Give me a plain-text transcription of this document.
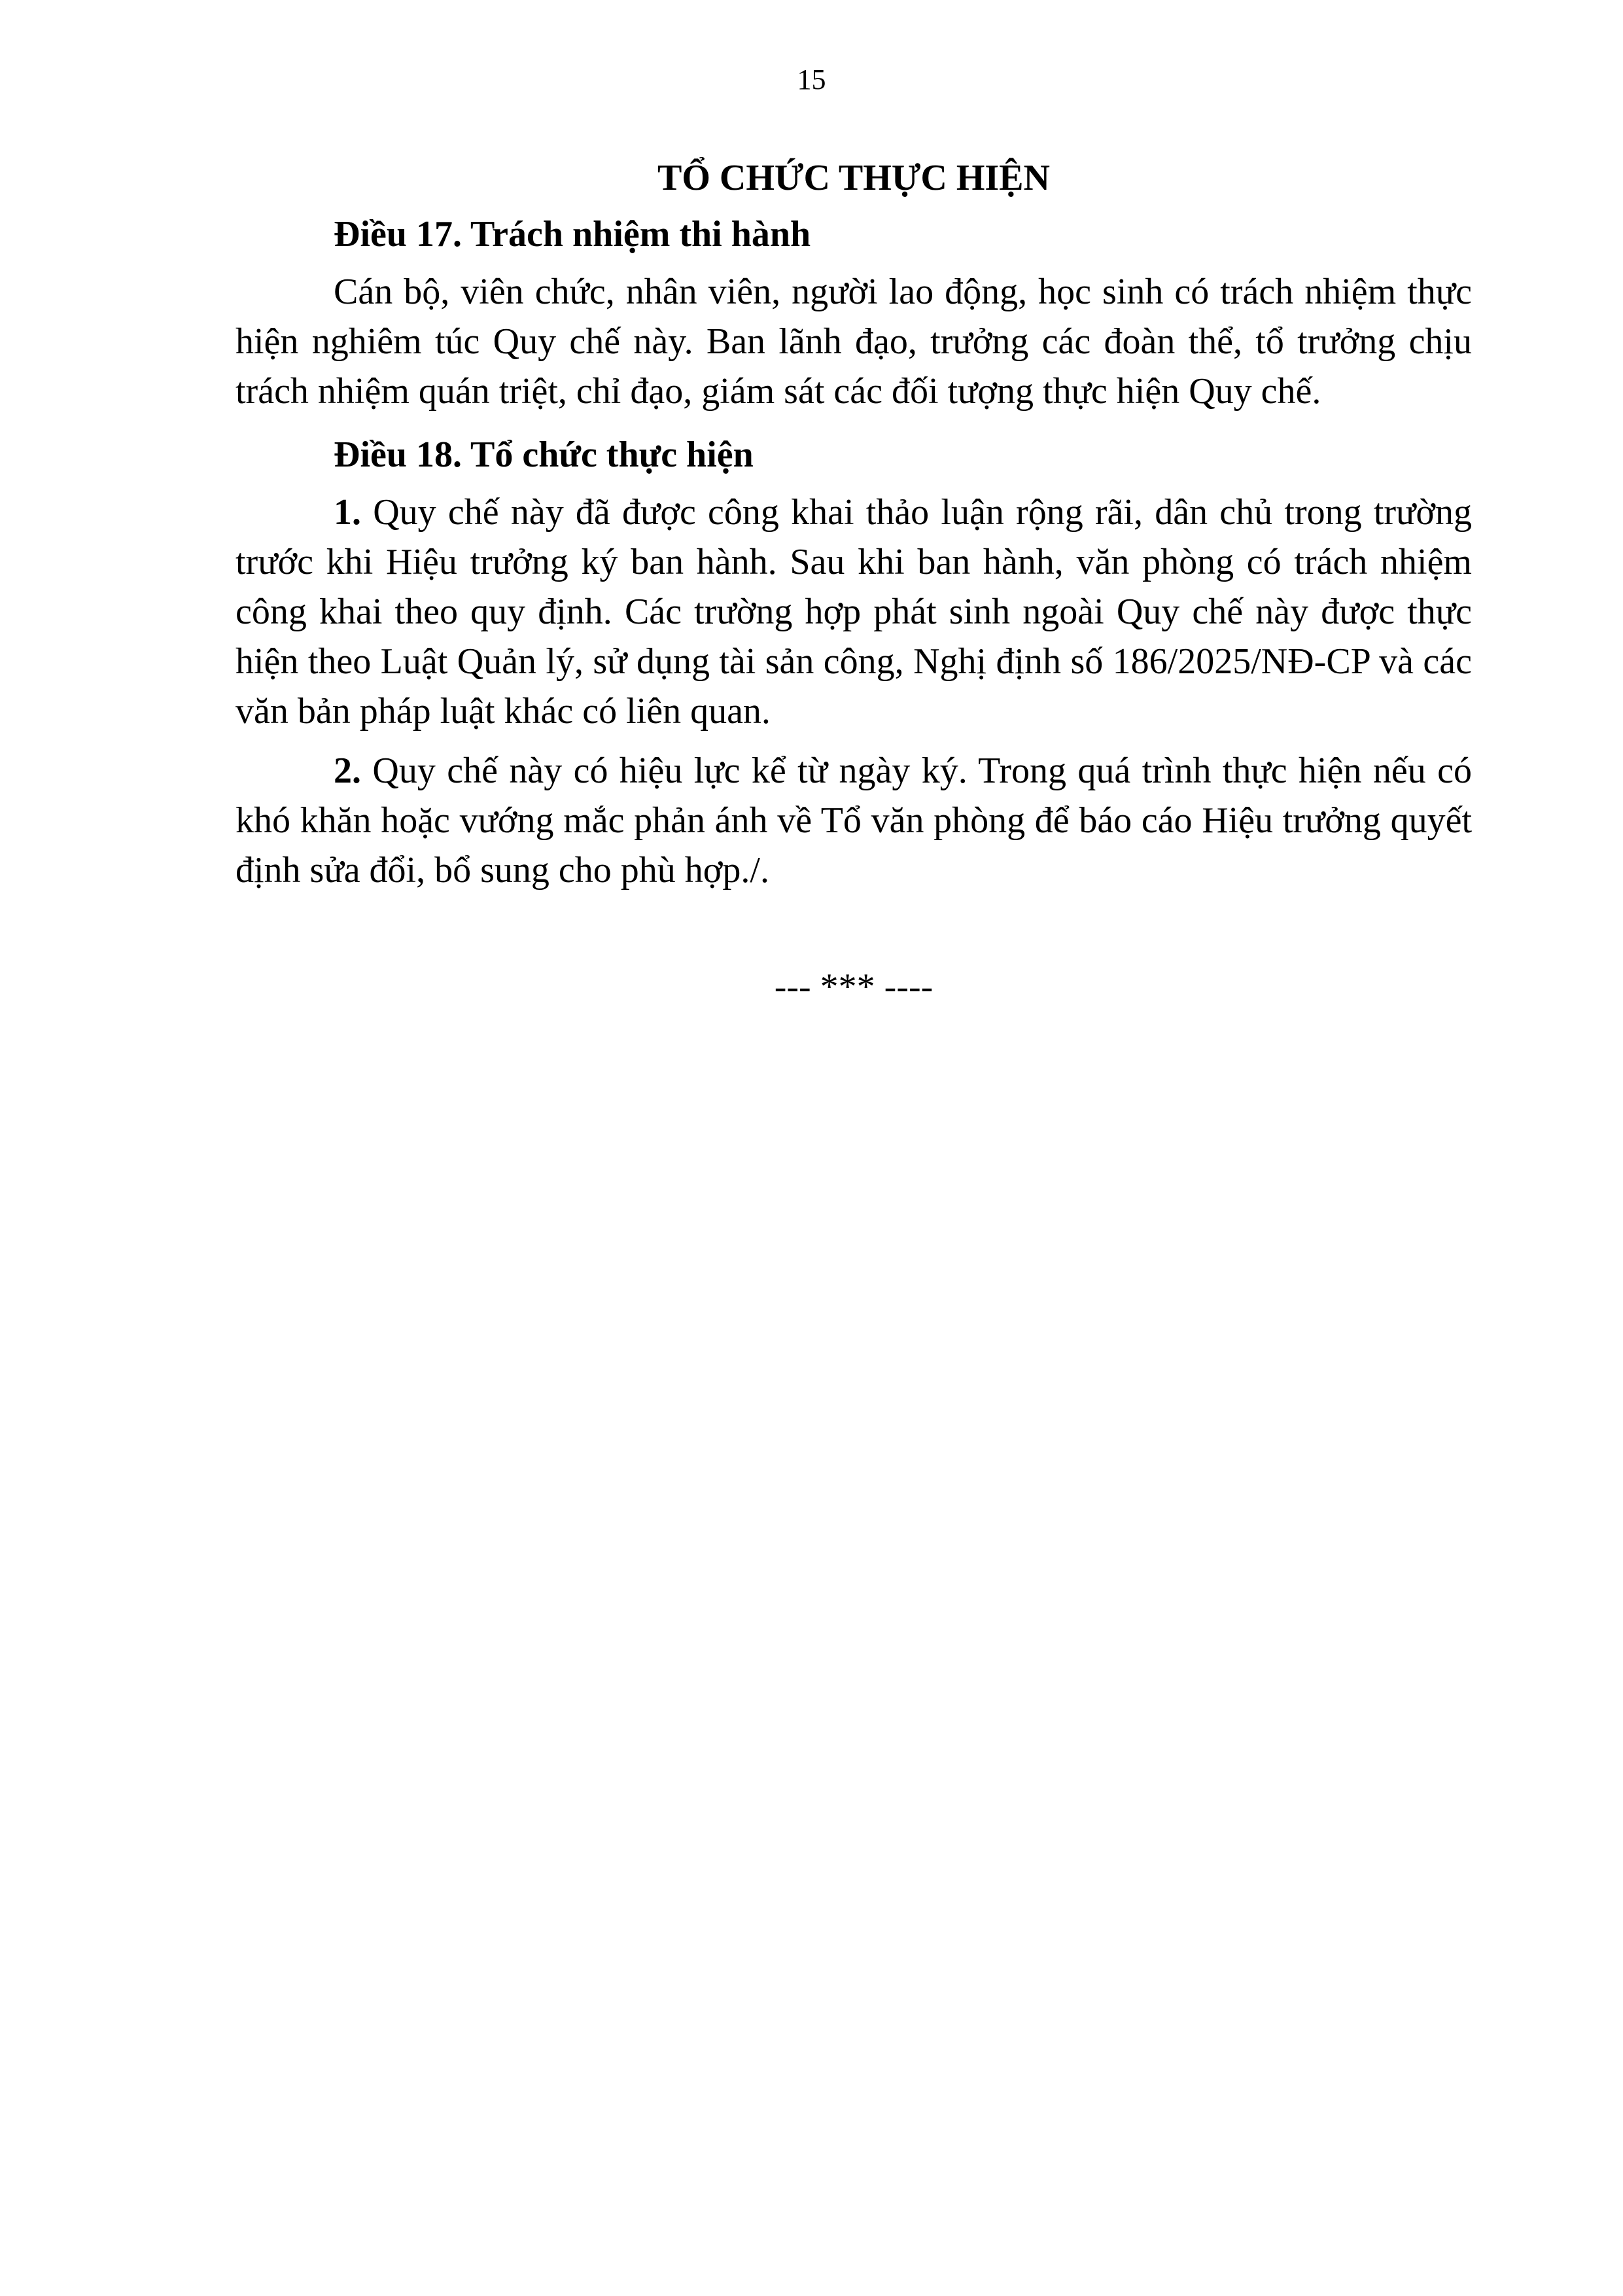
15
TỔ CHỨC THỰC HIỆN
Điều 17. Trách nhiệm thi hành

Cán bộ, viên chức, nhân viên, người lao động, học sinh có trách nhiệm thực hiện nghiêm túc Quy chế này. Ban lãnh đạo, trưởng các đoàn thể, tổ trưởng chịu trách nhiệm quán triệt, chỉ đạo, giám sát các đối tượng thực hiện Quy chế.

Điều 18. Tổ chức thực hiện

1. Quy chế này đã được công khai thảo luận rộng rãi, dân chủ trong trường trước khi Hiệu trưởng ký ban hành. Sau khi ban hành, văn phòng có trách nhiệm công khai theo quy định. Các trường hợp phát sinh ngoài Quy chế này được thực hiện theo Luật Quản lý, sử dụng tài sản công, Nghị định số 186/2025/NĐ-CP và các văn bản pháp luật khác có liên quan.

2. Quy chế này có hiệu lực kể từ ngày ký. Trong quá trình thực hiện nếu có khó khăn hoặc vướng mắc phản ánh về Tổ văn phòng để báo cáo Hiệu trưởng quyết định sửa đổi, bổ sung cho phù hợp./.

--- *** ----
